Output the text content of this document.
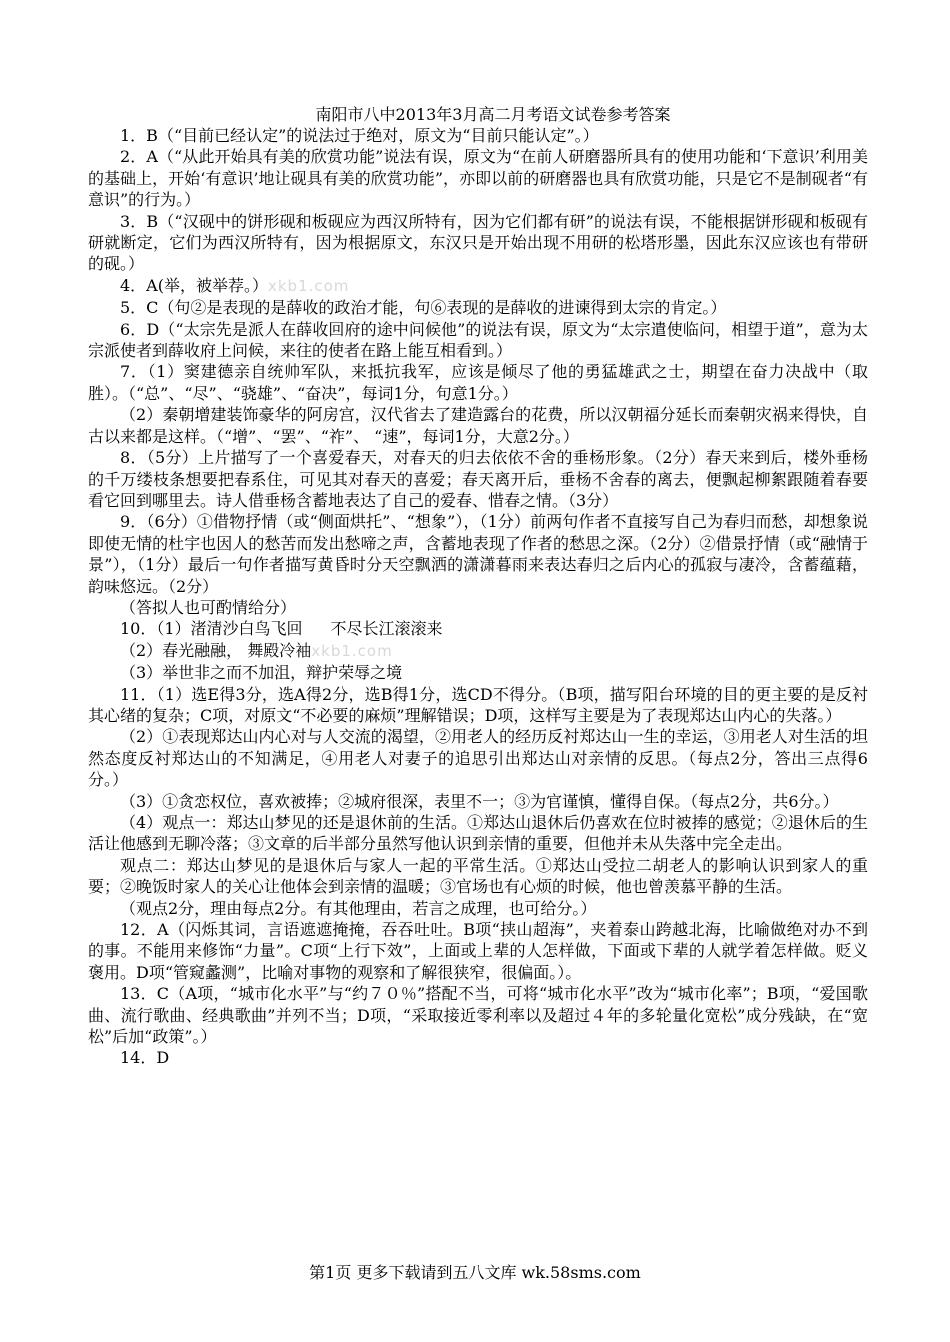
南阳市八中2013年3月高二月考语文试卷参考答案

1．B（“目前已经认定”的说法过于绝对，原文为“目前只能认定”。）

2．A（“从此开始具有美的欣赏功能”说法有误，原文为“在前人研磨器所具有的使用功能和‘下意识’利用美的基础上，开始‘有意识’地让砚具有美的欣赏功能”，亦即以前的研磨器也具有欣赏功能，只是它不是制砚者“有意识”的行为。）

3．B（“汉砚中的饼形砚和板砚应为西汉所特有，因为它们都有研”的说法有误，不能根据饼形砚和板砚有研就断定，它们为西汉所特有，因为根据原文，东汉只是开始出现不用研的松塔形墨，因此东汉应该也有带研的砚。）

4．A(举，被举荐。）xkb1.com

5．C（句②是表现的是薛收的政治才能，句⑥表现的是薛收的进谏得到太宗的肯定。）

6．D（“太宗先是派人在薛收回府的途中问候他”的说法有误，原文为“太宗遣使临问，相望于道”，意为太宗派使者到薛收府上问候，来往的使者在路上能互相看到。）

7．（1）窦建德亲自统帅军队，来抵抗我军，应该是倾尽了他的勇猛雄武之士，期望在奋力决战中（取胜）。（“总”、“尽”、“骁雄”、“奋决”，每词1分，句意1分。）

（2）秦朝增建装饰豪华的阿房宫，汉代省去了建造露台的花费，所以汉朝福分延长而秦朝灾祸来得快，自古以来都是这样。（“增”、“罢”、“祚”、 “速”，每词1分，大意2分。）

8．（5分）上片描写了一个喜爱春天，对春天的归去依依不舍的垂杨形象。（2分）春天来到后，楼外垂杨的千万缕枝条想要把春系住，可见其对春天的喜爱；春天离开后，垂杨不舍春的离去，便飘起柳絮跟随着春要看它回到哪里去。诗人借垂杨含蓄地表达了自己的爱春、惜春之情。（3分）

9．（6分）①借物抒情（或“侧面烘托”、“想象”），（1分）前两句作者不直接写自己为春归而愁，却想象说即使无情的杜宇也因人的愁苦而发出愁啼之声，含蓄地表现了作者的愁思之深。（2分）②借景抒情（或“融情于景”），（1分）最后一句作者描写黄昏时分天空飘洒的潇潇暮雨来表达春归之后内心的孤寂与凄冷，含蓄蕴藉，韵味悠远。（2分）

（答拟人也可酌情给分）

10．（1）渚清沙白鸟飞回 不尽长江滚滚来

（2）春光融融， 舞殿冷袖xkb1.com

（3）举世非之而不加沮，辩护荣辱之境

11．（1）选E得3分，选A得2分，选B得1分，选CD不得分。（B项，描写阳台环境的目的更主要的是反衬其心绪的复杂；C项，对原文“不必要的麻烦”理解错误；D项，这样写主要是为了表现郑达山内心的失落。）

（2）①表现郑达山内心对与人交流的渴望，②用老人的经历反衬郑达山一生的幸运，③用老人对生活的坦然态度反衬郑达山的不知满足，④用老人对妻子的追思引出郑达山对亲情的反思。（每点2分，答出三点得6分。）

（3）①贪恋权位，喜欢被捧；②城府很深，表里不一；③为官谨慎，懂得自保。（每点2分，共6分。）

（4）观点一：郑达山梦见的还是退休前的生活。①郑达山退休后仍喜欢在位时被捧的感觉；②退休后的生活让他感到无聊冷落；③文章的后半部分虽然写他认识到亲情的重要，但他并未从失落中完全走出。

观点二：郑达山梦见的是退休后与家人一起的平常生活。①郑达山受拉二胡老人的影响认识到家人的重要；②晚饭时家人的关心让他体会到亲情的温暖；③官场也有心烦的时候，他也曾羡慕平静的生活。

（观点2分，理由每点2分。有其他理由，若言之成理，也可给分。）

12．A（闪烁其词，言语遮遮掩掩，吞吞吐吐。B项“挟山超海”，夹着泰山跨越北海，比喻做绝对办不到的事。不能用来修饰“力量”。C项“上行下效”，上面或上辈的人怎样做，下面或下辈的人就学着怎样做。贬义褒用。D项“管窥蠡测”，比喻对事物的观察和了解很狭窄，很偏面。）。

13．C（A项，“城市化水平”与“约７０％”搭配不当，可将“城市化水平”改为“城市化率”；B项，“爱国歌曲、流行歌曲、经典歌曲”并列不当；D项，“采取接近零利率以及超过４年的多轮量化宽松”成分残缺，在“宽松”后加“政策”。）

14．D

第1页 更多下载请到五八文库 wk.58sms.com
